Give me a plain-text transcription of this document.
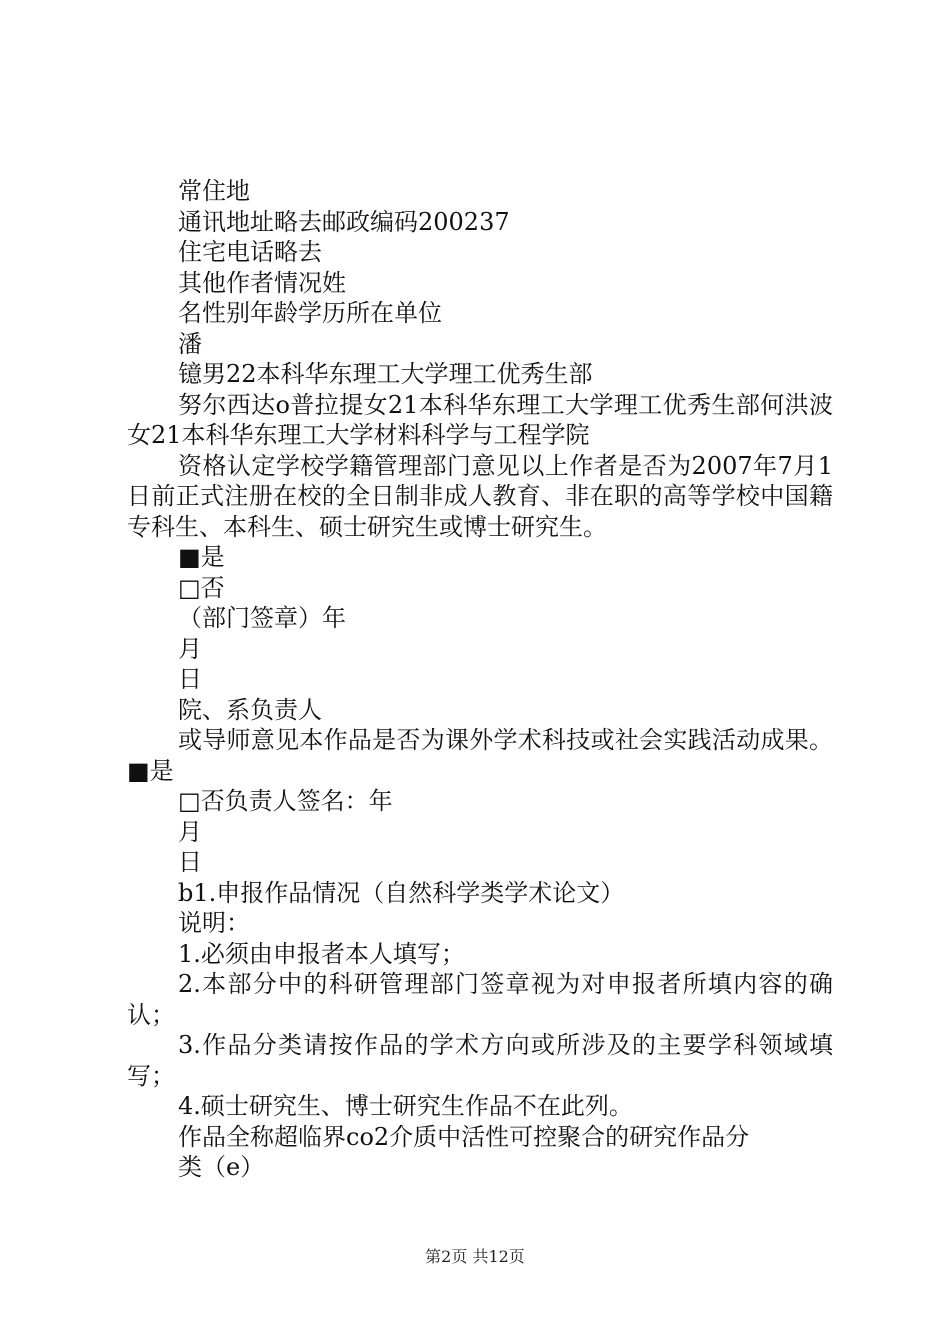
常住地

通讯地址略去邮政编码200237

住宅电话略去

其他作者情况姓

名性别年龄学历所在单位

潘

镱男22本科华东理工大学理工优秀生部

努尔西达o普拉提女21本科华东理工大学理工优秀生部何洪波女21本科华东理工大学材料科学与工程学院

资格认定学校学籍管理部门意见以上作者是否为2007年7月1日前正式注册在校的全日制非成人教育、非在职的高等学校中国籍专科生、本科生、硕士研究生或博士研究生。

■是

□否

（部门签章）年

月

日

院、系负责人

或导师意见本作品是否为课外学术科技或社会实践活动成果。■是

□否负责人签名：年

月

日

b1.申报作品情况（自然科学类学术论文）

说明：

1.必须由申报者本人填写；

2.本部分中的科研管理部门签章视为对申报者所填内容的确认；

3.作品分类请按作品的学术方向或所涉及的主要学科领域填写；

4.硕士研究生、博士研究生作品不在此列。

作品全称超临界co2介质中活性可控聚合的研究作品分

类（e）

第2页 共12页
